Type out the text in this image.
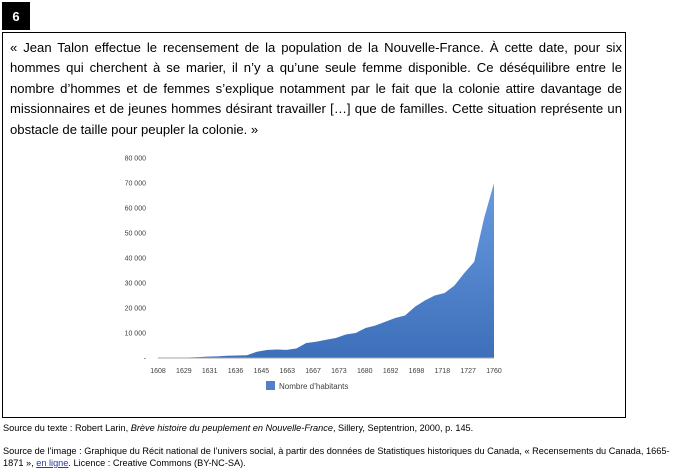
6

« Jean Talon effectue le recensement de la population de la Nouvelle-France. À cette date, pour six hommes qui cherchent à se marier, il n’y a qu’une seule femme disponible. Ce déséquilibre entre le nombre d’hommes et de femmes s’explique notamment par le fait que la colonie attire davantage de missionnaires et de jeunes hommes désirant travailler […] que de familles. Cette situation représente un obstacle de taille pour peupler la colonie. »

-
10 000
20 000
30 000
40 000
50 000
60 000
70 000
80 000
1608 1629 1631 1636 1645 1663 1667 1673 1680 1692 1698 1718 1727 1760
Nombre d’habitants
Source du texte : Robert Larin, Brève histoire du peuplement en Nouvelle-France, Sillery, Septentrion, 2000, p. 145.
Source de l’image : Graphique du Récit national de l’univers social, à partir des données de Statistiques historiques du Canada, « Recensements du Canada, 1665-1871 », en ligne. Licence : Creative Commons (BY-NC-SA).
